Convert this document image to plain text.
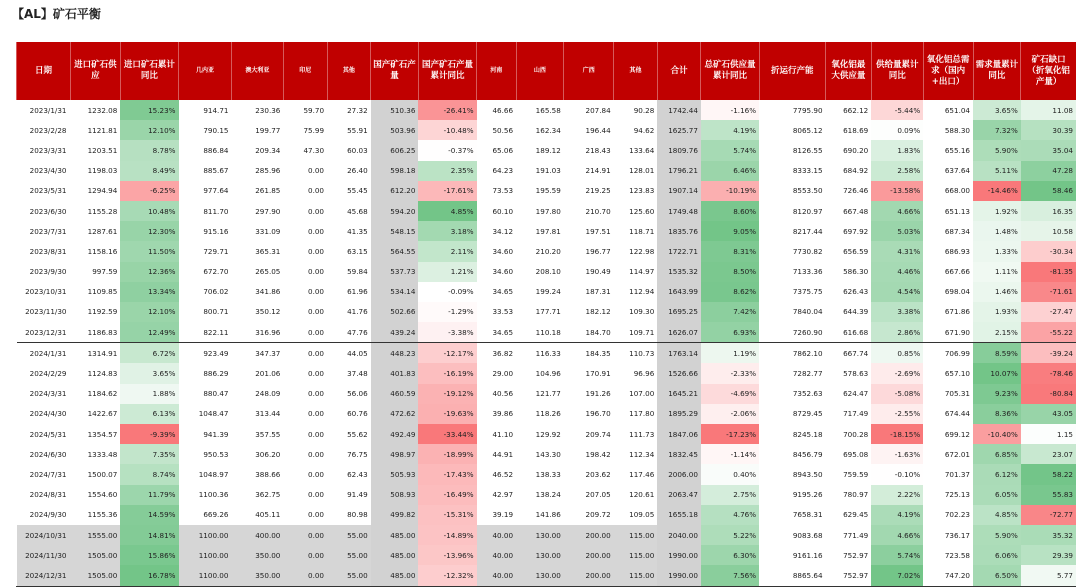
【AL】矿石平衡
日期	进口矿石供应	进口矿石累计同比	几内亚	澳大利亚	印尼	其他	国产矿石产量	国产矿石产量累计同比	河南	山西	广西	其他	合计	总矿石供应量累计同比	折运行产能	氧化铝最大供应量	供给量累计同比	氧化铝总需求（国内+出口）	需求量累计同比	矿石缺口（折氧化铝产量）
2023/1/31	1232.08	15.23%	914.71	230.36	59.70	27.32	510.36	-26.41%	46.66	165.58	207.84	90.28	1742.44	-1.16%	7795.90	662.12	-5.44%	651.04	3.65%	11.08
2023/2/28	1121.81	12.10%	790.15	199.77	75.99	55.91	503.96	-10.48%	50.56	162.34	196.44	94.62	1625.77	4.19%	8065.12	618.69	0.09%	588.30	7.32%	30.39
2023/3/31	1203.51	8.78%	886.84	209.34	47.30	60.03	606.25	-0.37%	65.06	189.12	218.43	133.64	1809.76	5.74%	8126.55	690.20	1.83%	655.16	5.90%	35.04
2023/4/30	1198.03	8.49%	885.67	285.96	0.00	26.40	598.18	2.35%	64.23	191.03	214.91	128.01	1796.21	6.46%	8333.15	684.92	2.58%	637.64	5.11%	47.28
2023/5/31	1294.94	-6.25%	977.64	261.85	0.00	55.45	612.20	-17.61%	73.53	195.59	219.25	123.83	1907.14	-10.19%	8553.50	726.46	-13.58%	668.00	-14.46%	58.46
2023/6/30	1155.28	10.48%	811.70	297.90	0.00	45.68	594.20	4.85%	60.10	197.80	210.70	125.60	1749.48	8.60%	8120.97	667.48	4.66%	651.13	1.92%	16.35
2023/7/31	1287.61	12.30%	915.16	331.09	0.00	41.35	548.15	3.18%	34.12	197.81	197.51	118.71	1835.76	9.05%	8217.44	697.92	5.03%	687.34	1.48%	10.58
2023/8/31	1158.16	11.50%	729.71	365.31	0.00	63.15	564.55	2.11%	34.60	210.20	196.77	122.98	1722.71	8.31%	7730.82	656.59	4.31%	686.93	1.33%	-30.34
2023/9/30	997.59	12.36%	672.70	265.05	0.00	59.84	537.73	1.21%	34.60	208.10	190.49	114.97	1535.32	8.50%	7133.36	586.30	4.46%	667.66	1.11%	-81.35
2023/10/31	1109.85	13.34%	706.02	341.86	0.00	61.96	534.14	-0.09%	34.65	199.24	187.31	112.94	1643.99	8.62%	7375.75	626.43	4.54%	698.04	1.46%	-71.61
2023/11/30	1192.59	12.10%	800.71	350.12	0.00	41.76	502.66	-1.29%	33.53	177.71	182.12	109.30	1695.25	7.42%	7840.04	644.39	3.38%	671.86	1.93%	-27.47
2023/12/31	1186.83	12.49%	822.11	316.96	0.00	47.76	439.24	-3.38%	34.65	110.18	184.70	109.71	1626.07	6.93%	7260.90	616.68	2.86%	671.90	2.15%	-55.22
2024/1/31	1314.91	6.72%	923.49	347.37	0.00	44.05	448.23	-12.17%	36.82	116.33	184.35	110.73	1763.14	1.19%	7862.10	667.74	0.85%	706.99	8.59%	-39.24
2024/2/29	1124.83	3.65%	886.29	201.06	0.00	37.48	401.83	-16.19%	29.00	104.96	170.91	96.96	1526.66	-2.33%	7282.77	578.63	-2.69%	657.10	10.07%	-78.46
2024/3/31	1184.62	1.88%	880.47	248.09	0.00	56.06	460.59	-19.12%	40.56	121.77	191.26	107.00	1645.21	-4.69%	7352.63	624.47	-5.08%	705.31	9.23%	-80.84
2024/4/30	1422.67	6.13%	1048.47	313.44	0.00	60.76	472.62	-19.63%	39.86	118.26	196.70	117.80	1895.29	-2.06%	8729.45	717.49	-2.55%	674.44	8.36%	43.05
2024/5/31	1354.57	-9.39%	941.39	357.55	0.00	55.62	492.49	-33.44%	41.10	129.92	209.74	111.73	1847.06	-17.23%	8245.18	700.28	-18.15%	699.12	-10.40%	1.15
2024/6/30	1333.48	7.35%	950.53	306.20	0.00	76.75	498.97	-18.99%	44.91	143.30	198.42	112.34	1832.45	-1.14%	8456.79	695.08	-1.63%	672.01	6.85%	23.07
2024/7/31	1500.07	8.74%	1048.97	388.66	0.00	62.43	505.93	-17.43%	46.52	138.33	203.62	117.46	2006.00	0.40%	8943.50	759.59	-0.10%	701.37	6.12%	58.22
2024/8/31	1554.60	11.79%	1100.36	362.75	0.00	91.49	508.93	-16.49%	42.97	138.24	207.05	120.61	2063.47	2.75%	9195.26	780.97	2.22%	725.13	6.05%	55.83
2024/9/30	1155.36	14.59%	669.26	405.11	0.00	80.98	499.82	-15.31%	39.19	141.86	209.72	109.05	1655.18	4.76%	7658.31	629.45	4.19%	702.23	4.85%	-72.77
2024/10/31	1555.00	14.81%	1100.00	400.00	0.00	55.00	485.00	-14.89%	40.00	130.00	200.00	115.00	2040.00	5.22%	9083.68	771.49	4.66%	736.17	5.90%	35.32
2024/11/30	1505.00	15.86%	1100.00	350.00	0.00	55.00	485.00	-13.96%	40.00	130.00	200.00	115.00	1990.00	6.30%	9161.16	752.97	5.74%	723.58	6.06%	29.39
2024/12/31	1505.00	16.78%	1100.00	350.00	0.00	55.00	485.00	-12.32%	40.00	130.00	200.00	115.00	1990.00	7.56%	8865.64	752.97	7.02%	747.20	6.50%	5.77
